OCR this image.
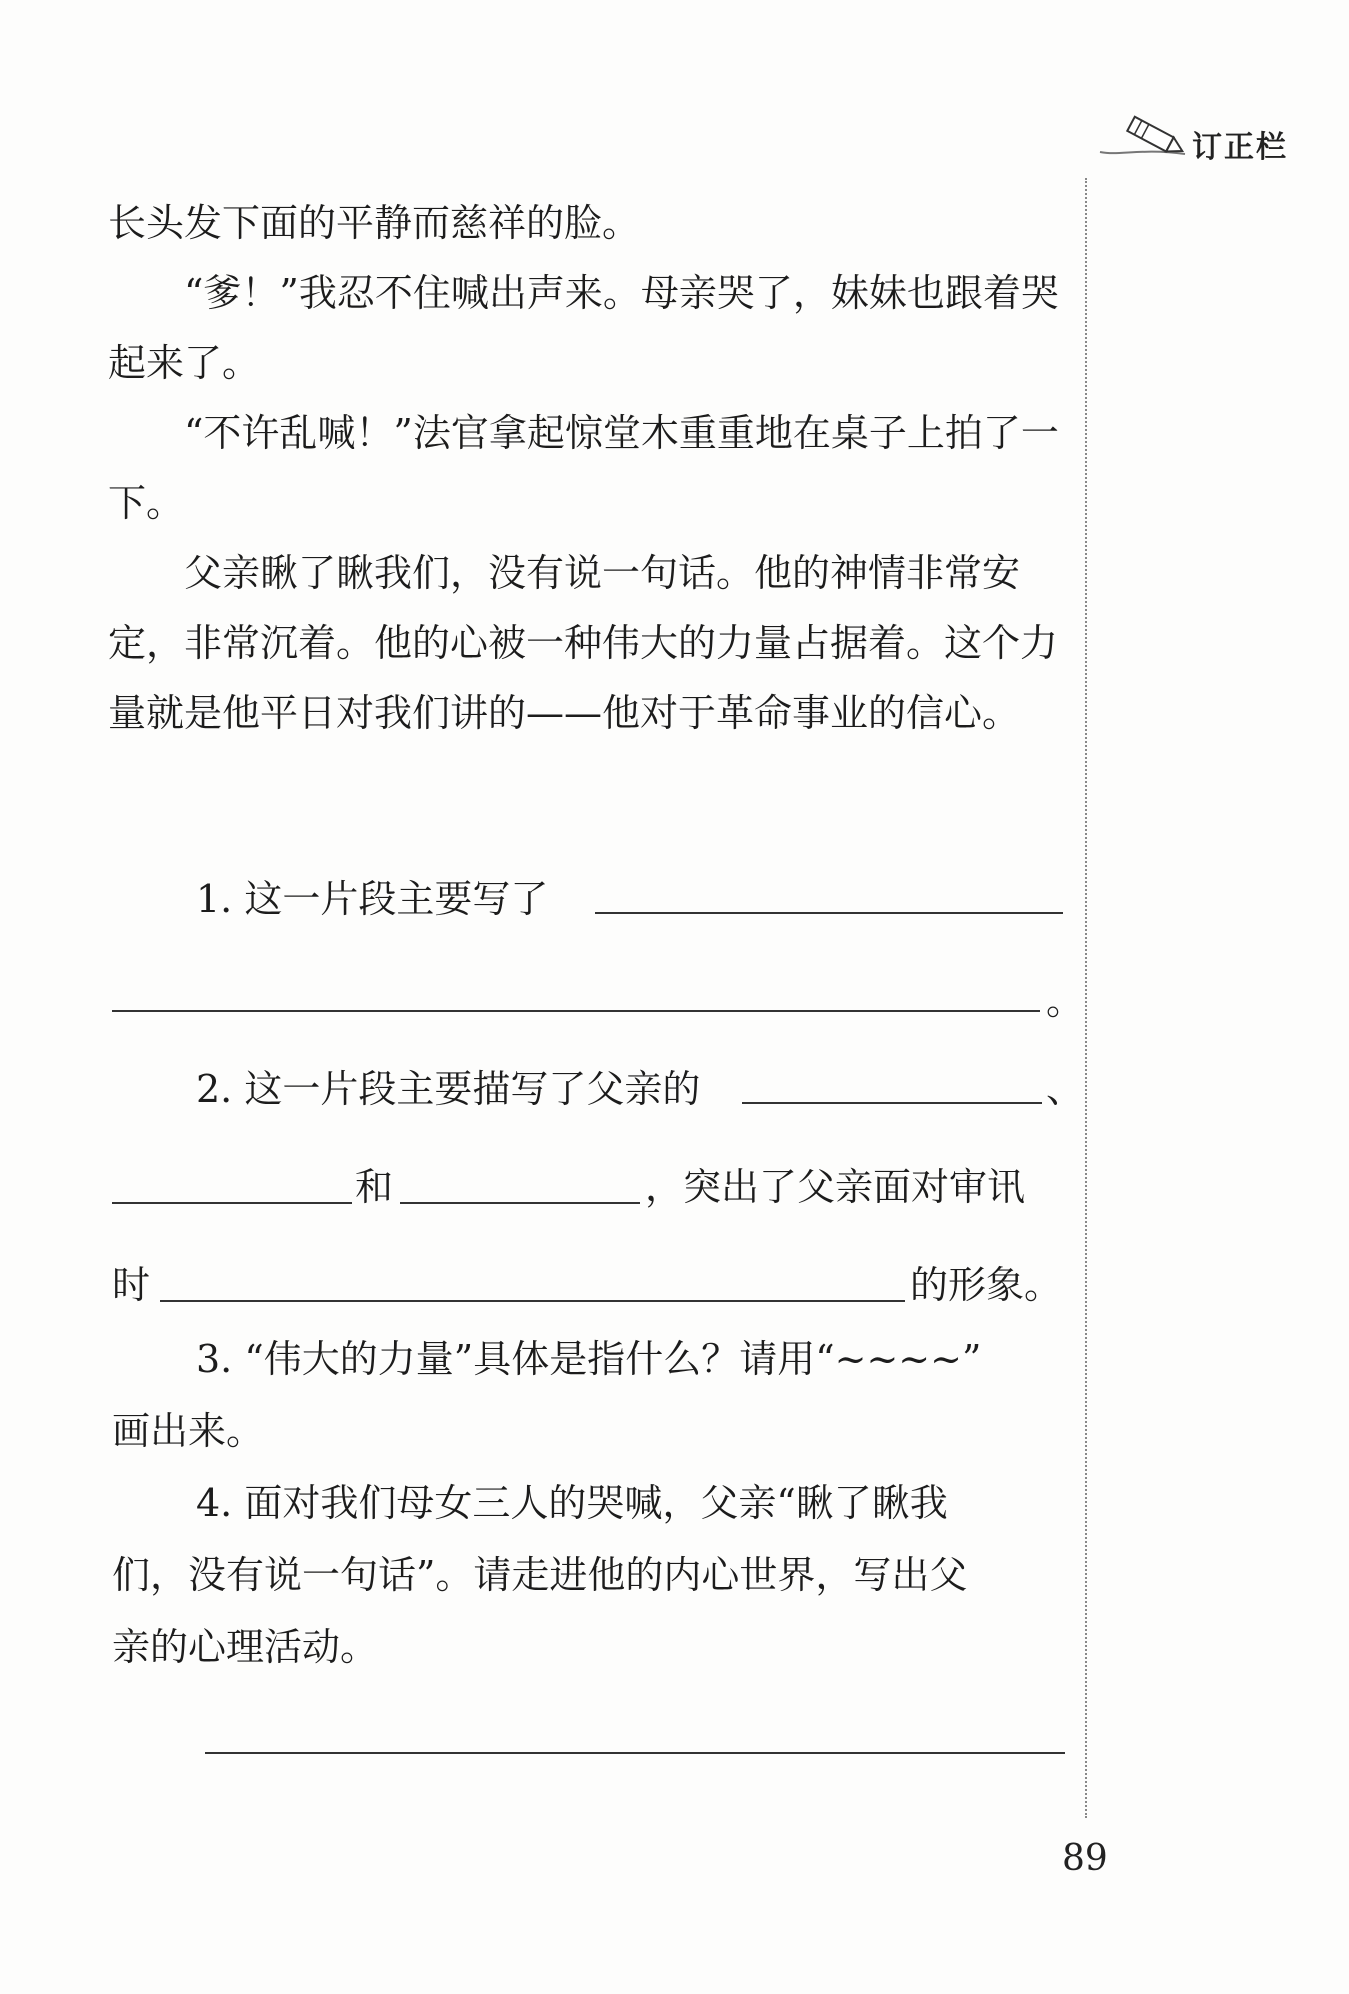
订正栏

长头发下面的平静而慈祥的脸。

“爹！”我忍不住喊出声来。母亲哭了，妹妹也跟着哭起来了。

“不许乱喊！”法官拿起惊堂木重重地在桌子上拍了一下。

父亲瞅了瞅我们，没有说一句话。他的神情非常安定，非常沉着。他的心被一种伟大的力量占据着。这个力量就是他平日对我们讲的——他对于革命事业的信心。

1. 这一片段主要写了
。
2. 这一片段主要描写了父亲的	、
和	，突出了父亲面对审讯
时	的形象。
3. “伟大的力量”具体是指什么？请用“~~~~”
画出来。
4. 面对我们母女三人的哭喊，父亲“瞅了瞅我
们，没有说一句话”。请走进他的内心世界，写出父
亲的心理活动。
89
